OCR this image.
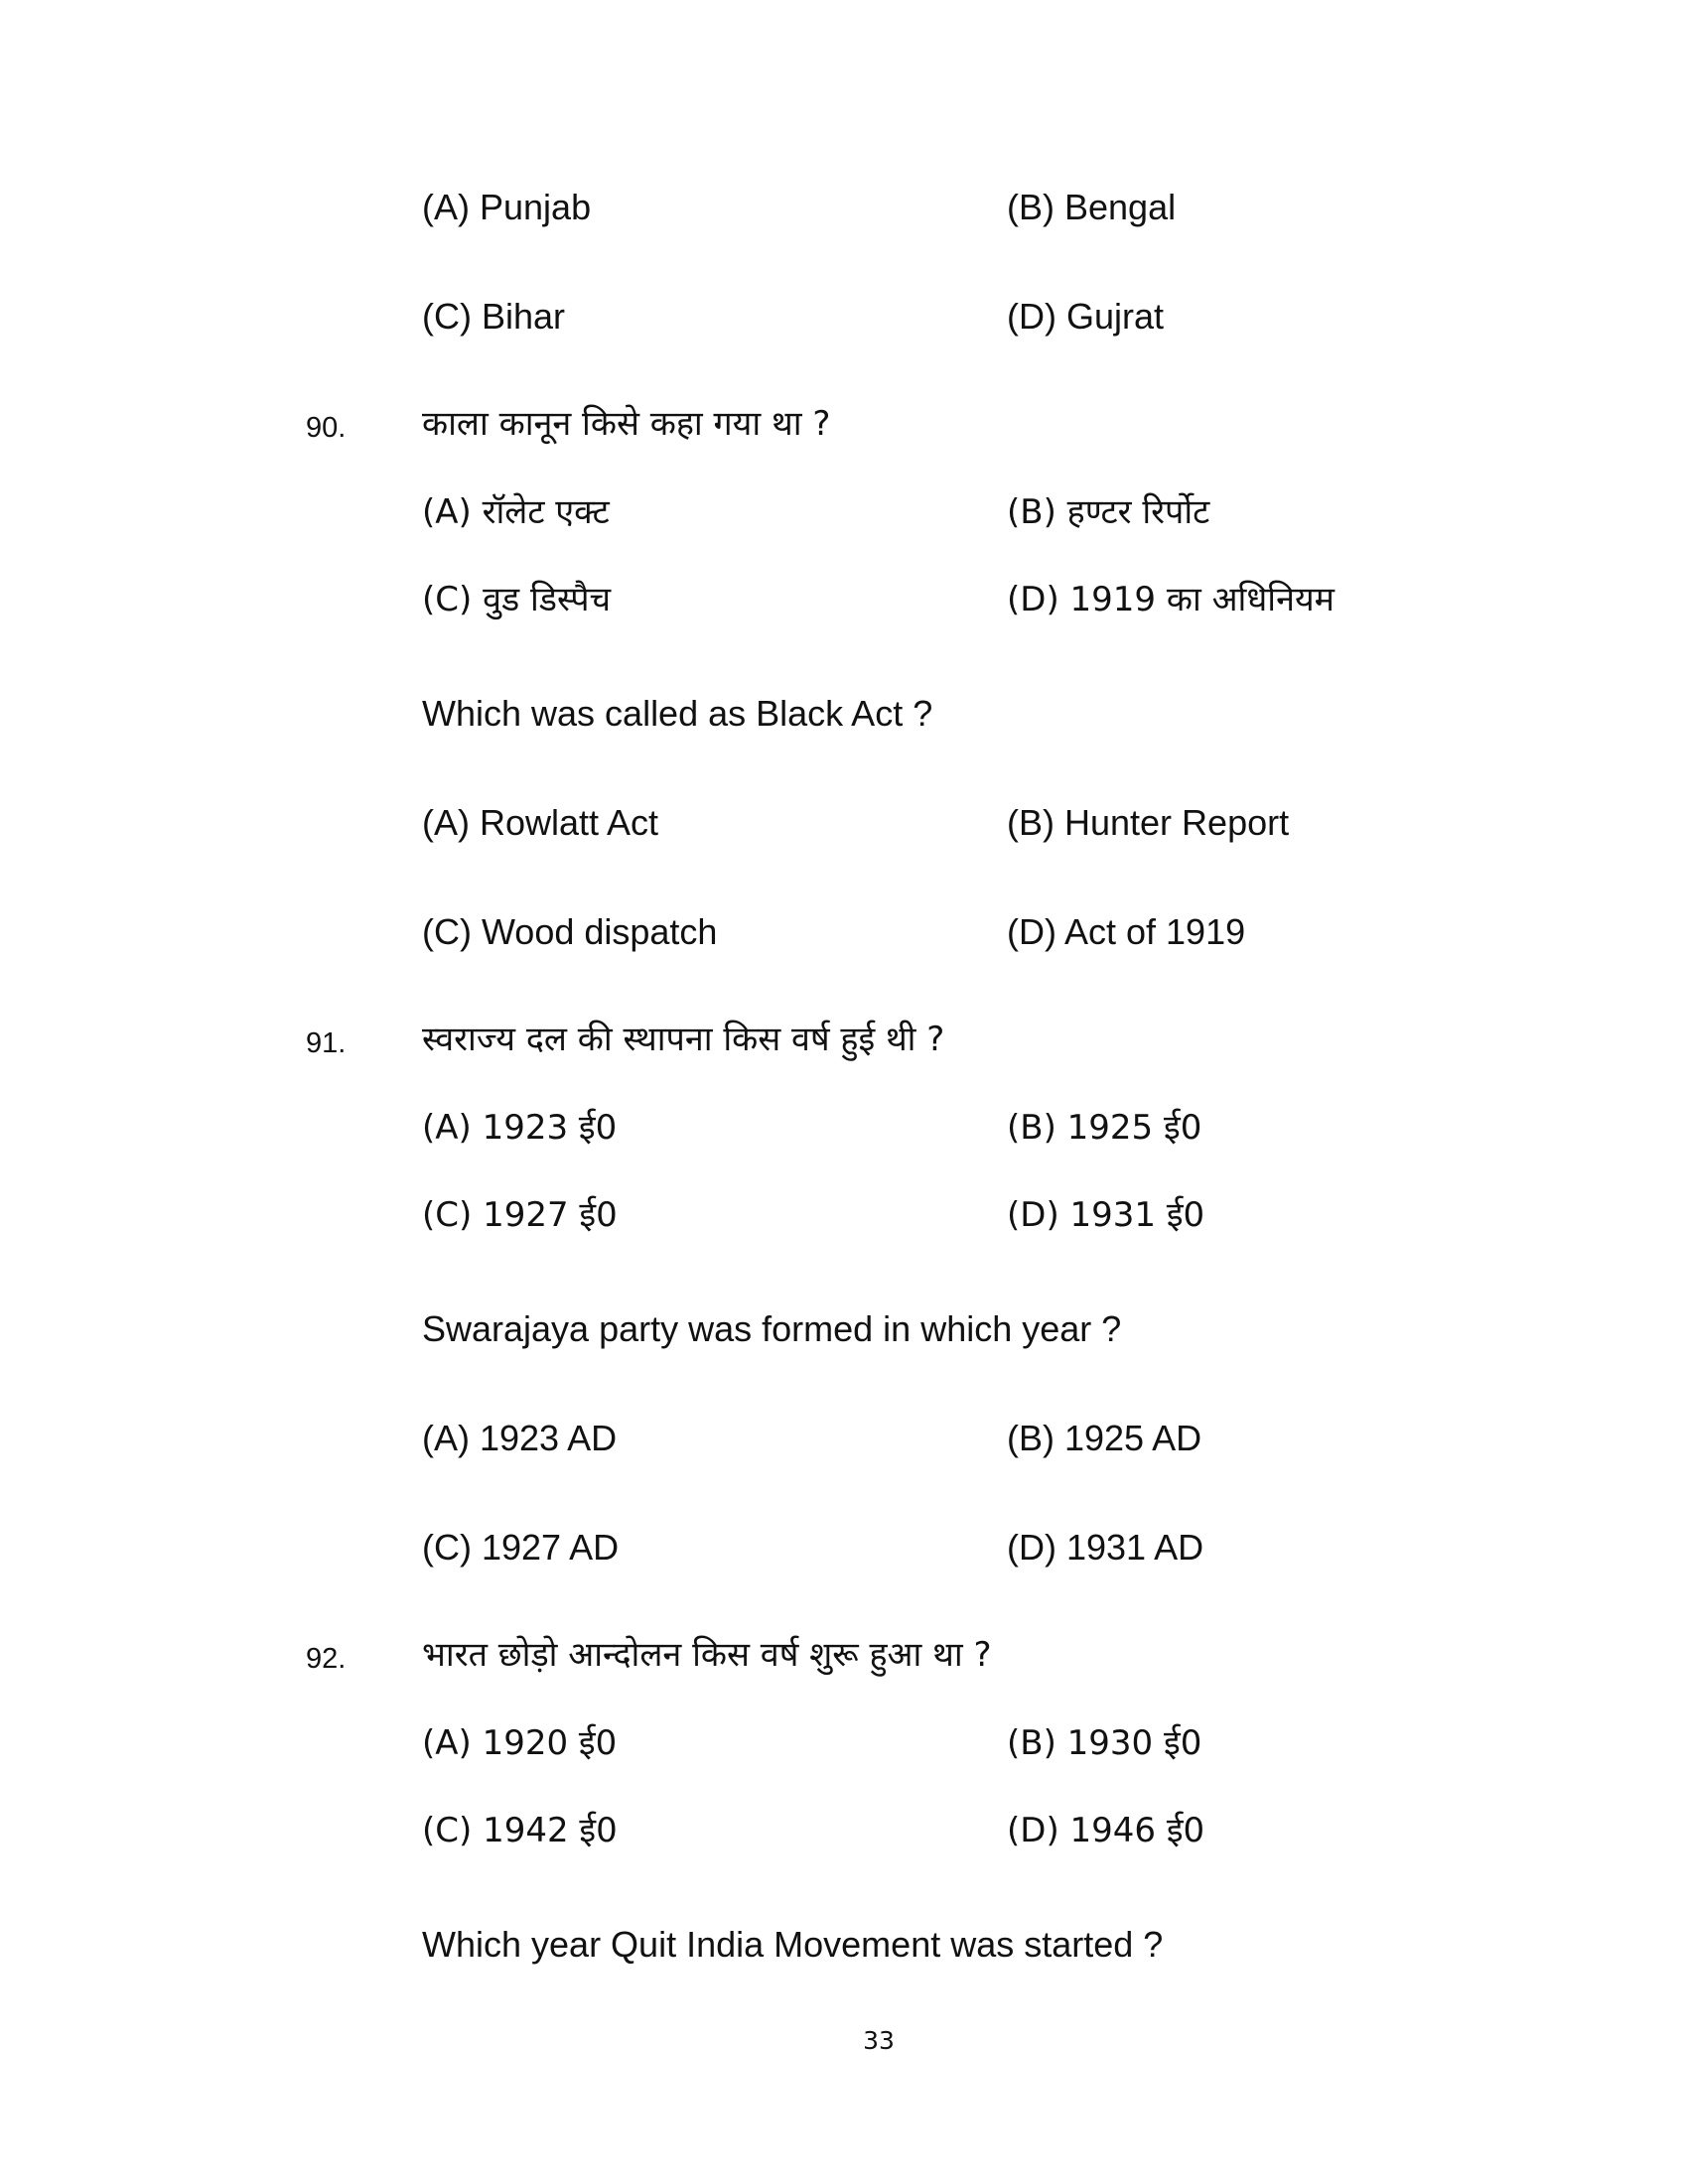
(A) Punjab	(B) Bengal
(C) Bihar	(D) Gujrat
90. काला कानून किसे कहा गया था ?
(A) रॉलेट एक्ट	(B) हण्टर रिर्पोट
(C) वुड डिस्पैच	(D) 1919 का अधिनियम
Which was called as Black Act ?
(A) Rowlatt Act	(B) Hunter Report
(C) Wood dispatch	(D) Act of 1919
91. स्वराज्य दल की स्थापना किस वर्ष हुई थी ?
(A) 1923 ई0	(B) 1925 ई0
(C) 1927 ई0	(D) 1931 ई0
Swarajaya party was formed in which year ?
(A) 1923 AD	(B) 1925 AD
(C) 1927 AD	(D) 1931 AD
92. भारत छोड़ो आन्दोलन किस वर्ष शुरू हुआ था ?
(A) 1920 ई0	(B) 1930 ई0
(C) 1942 ई0	(D) 1946 ई0
Which year Quit India Movement was started ?
33
